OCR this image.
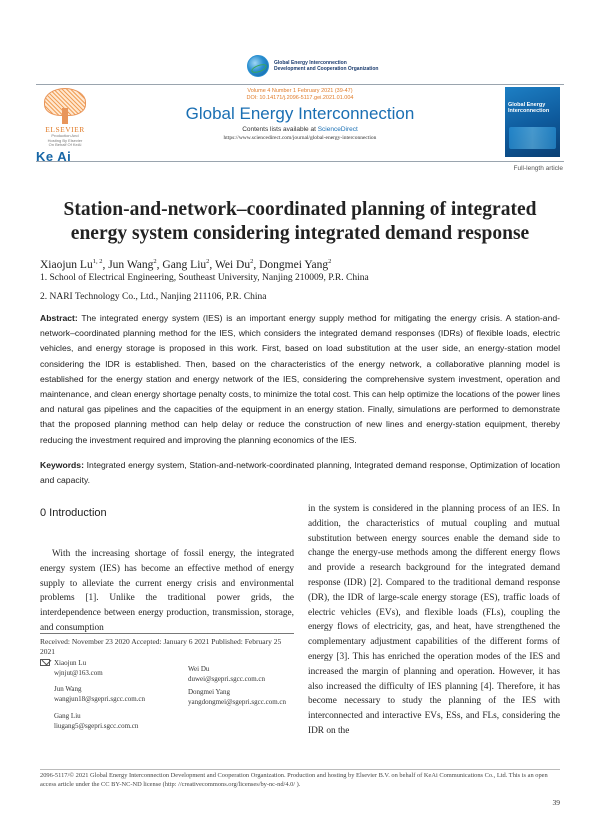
Global Energy Interconnection
Development and Cooperation Organization
ELSEVIER
Production And
Hosting By Elsevier
On Behalf Of KeAi
Ke Ai
Volume 4 Number 1 February 2021 (39-47)
DOI: 10.14171/j.2096-5117.gei.2021.01.004
Global Energy Interconnection
Contents lists available at ScienceDirect
https://www.sciencedirect.com/journal/global-energy-interconnection
Global Energy Interconnection
Full-length article
Station-and-network–coordinated planning of integrated
energy system considering integrated demand response
Xiaojun Lu$^{1, 2}$, Jun Wang$^2$, Gang Liu$^2$, Wei Du$^2$, Dongmei Yang$^2$
1. School of Electrical Engineering, Southeast University, Nanjing 210009, P.R. China
2. NARI Technology Co., Ltd., Nanjing 211106, P.R. China
Abstract: The integrated energy system (IES) is an important energy supply method for mitigating the energy crisis. A station-and-network–coordinated planning method for the IES, which considers the integrated demand responses (IDRs) of flexible loads, electric vehicles, and energy storage is proposed in this work. First, based on load substitution at the user side, an energy-station model considering the IDR is established. Then, based on the characteristics of the energy network, a collaborative planning model is established for the energy station and energy network of the IES, considering the comprehensive system investment, operation and maintenance, and clean energy shortage penalty costs, to minimize the total cost. This can help optimize the locations of the power lines and natural gas pipelines and the capacities of the equipment in an energy station. Finally, simulations are performed to demonstrate that the proposed planning method can help delay or reduce the construction of new lines and energy-station equipment, thereby reducing the investment required and improving the planning economics of the IES.
Keywords: Integrated energy system, Station-and-network-coordinated planning, Integrated demand response, Optimization of location and capacity.
0 Introduction
With the increasing shortage of fossil energy, the integrated energy system (IES) has become an effective method of energy supply to alleviate the current energy crisis and environmental problems [1]. Unlike the traditional power grids, the interdependence between energy production, transmission, storage, and consumption
in the system is considered in the planning process of an IES. In addition, the characteristics of mutual coupling and mutual substitution between energy sources enable the demand side to change the energy-use methods among the different energy flows and provide a research background for the integrated demand response (IDR) [2]. Compared to the traditional demand response (DR), the IDR of large-scale energy storage (ES), traffic loads of electric vehicles (EVs), and flexible loads (FLs), coupling the energy flows of electricity, gas, and heat, have strengthened the complementary adjustment capabilities of the different forms of energy [3]. This has enriched the operation modes of the IES and increased the margin of planning and operation. However, it has also increased the difficulty of IES planning [4]. Therefore, it has become necessary to study the planning of the IES with interconnected and interactive EVs, ESs, and FLs, considering the IDR on the
Received: November 23 2020 Accepted: January 6 2021 Published: February 25 2021
Xiaojun Lu
wjnjut@163.com	Wei Du
duwei@sgepri.sgcc.com.cn
Jun Wang
wangjun18@sgepri.sgcc.com.cn
Dongmei Yang
yangdongmei@sgepri.sgcc.com.cn
Gang Liu
liugang5@sgepri.sgcc.com.cn
2096-5117/© 2021 Global Energy Interconnection Development and Cooperation Organization. Production and hosting by Elsevier B.V. on behalf of KeAi Communications Co., Ltd. This is an open access article under the CC BY-NC-ND license (http: //creativecommons.org/licenses/by-nc-nd/4.0/ ).
39
